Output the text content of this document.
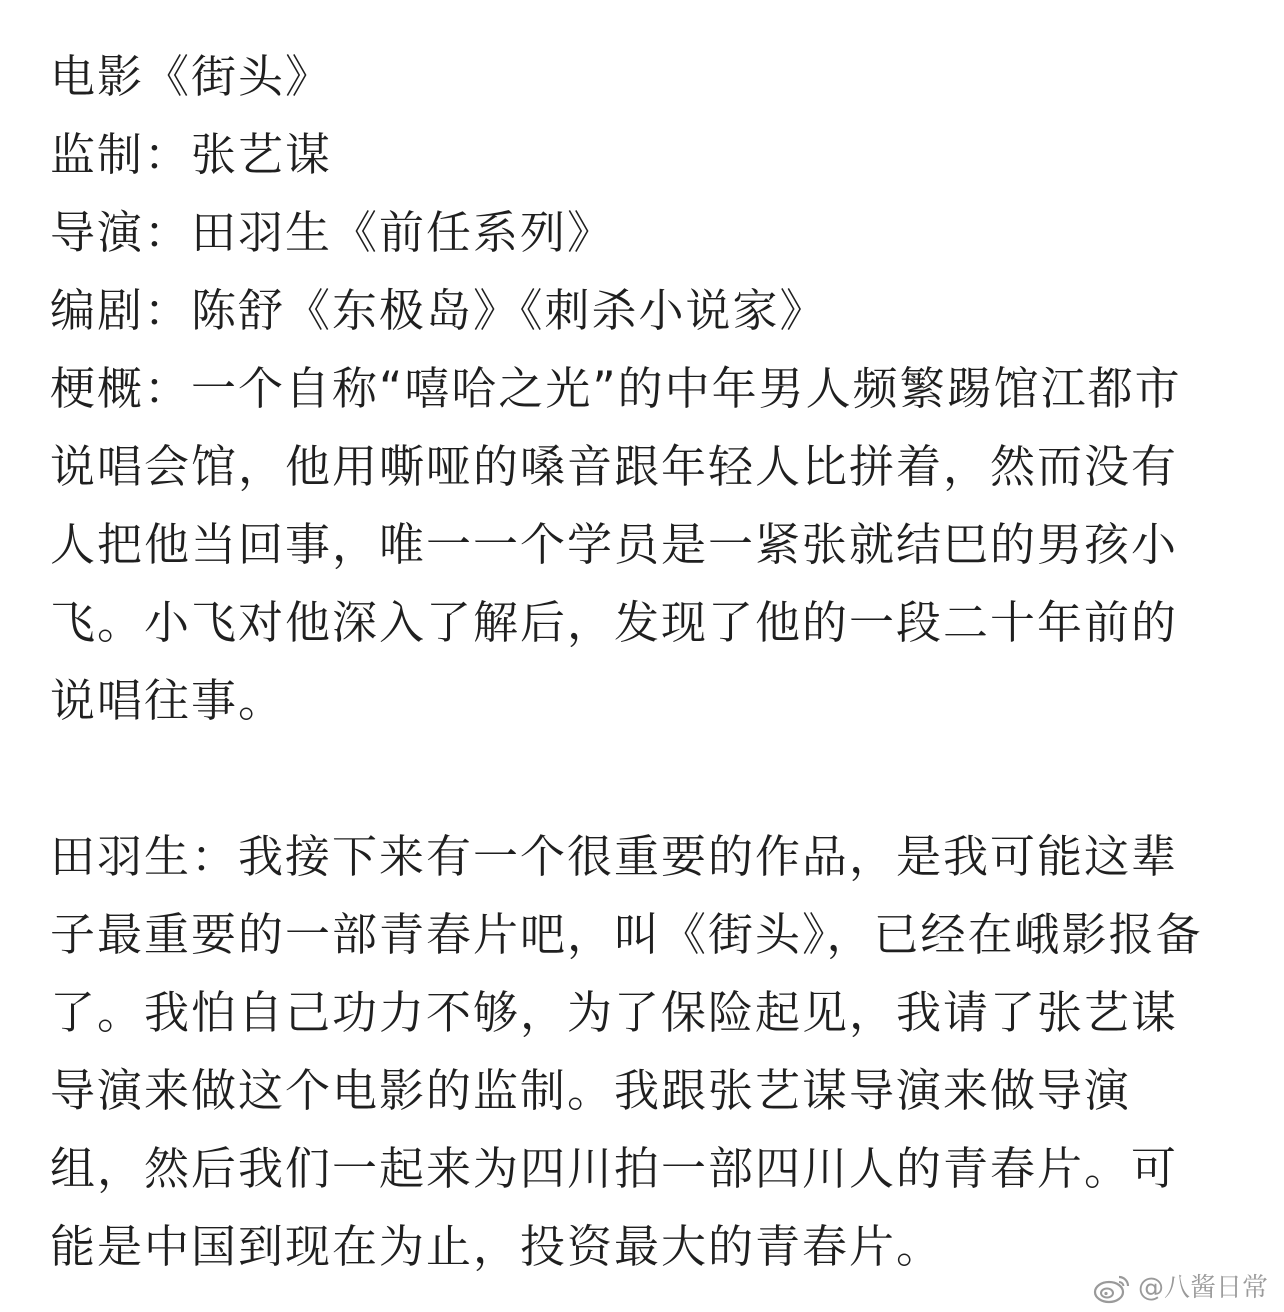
电影《街头》
监制：张艺谋
导演：田羽生《前任系列》
编剧：陈舒《东极岛》《刺杀小说家》
梗概：一个自称“嘻哈之光”的中年男人频繁踢馆江都市
说唱会馆，他用嘶哑的嗓音跟年轻人比拼着，然而没有
人把他当回事，唯一一个学员是一紧张就结巴的男孩小
飞。小飞对他深入了解后，发现了他的一段二十年前的
说唱往事。
田羽生：我接下来有一个很重要的作品，是我可能这辈
子最重要的一部青春片吧，叫《街头》，已经在峨影报备
了。我怕自己功力不够，为了保险起见，我请了张艺谋
导演来做这个电影的监制。我跟张艺谋导演来做导演
组，然后我们一起来为四川拍一部四川人的青春片。可
能是中国到现在为止，投资最大的青春片。
@八酱日常
